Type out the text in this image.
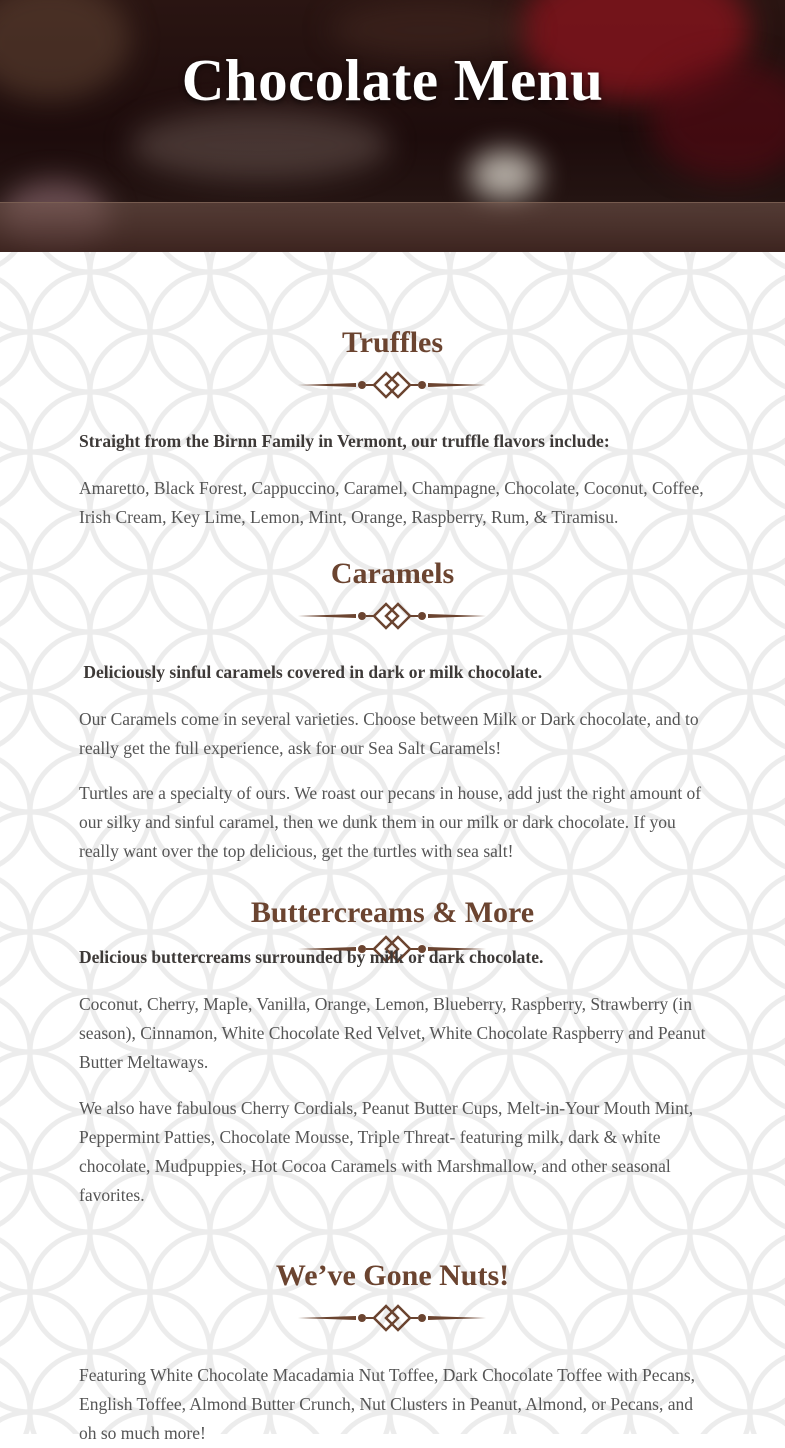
Chocolate Menu
Truffles

Straight from the Birnn Family in Vermont, our truffle flavors include:

Amaretto, Black Forest, Cappuccino, Caramel, Champagne, Chocolate, Coconut, Coffee, Irish Cream, Key Lime, Lemon, Mint, Orange, Raspberry, Rum, & Tiramisu.

Caramels

Deliciously sinful caramels covered in dark or milk chocolate.

Our Caramels come in several varieties. Choose between Milk or Dark chocolate, and to really get the full experience, ask for our Sea Salt Caramels!

Turtles are a specialty of ours. We roast our pecans in house, add just the right amount of our silky and sinful caramel, then we dunk them in our milk or dark chocolate. If you really want over the top delicious, get the turtles with sea salt!

Buttercreams & More

Delicious buttercreams surrounded by milk or dark chocolate.

Coconut, Cherry, Maple, Vanilla, Orange, Lemon, Blueberry, Raspberry, Strawberry (in season), Cinnamon, White Chocolate Red Velvet, White Chocolate Raspberry and Peanut Butter Meltaways.

We also have fabulous Cherry Cordials, Peanut Butter Cups, Melt-in-Your Mouth Mint, Peppermint Patties, Chocolate Mousse, Triple Threat- featuring milk, dark & white chocolate, Mudpuppies, Hot Cocoa Caramels with Marshmallow, and other seasonal favorites.

We’ve Gone Nuts!

Featuring White Chocolate Macadamia Nut Toffee, Dark Chocolate Toffee with Pecans, English Toffee, Almond Butter Crunch, Nut Clusters in Peanut, Almond, or Pecans, and oh so much more!
